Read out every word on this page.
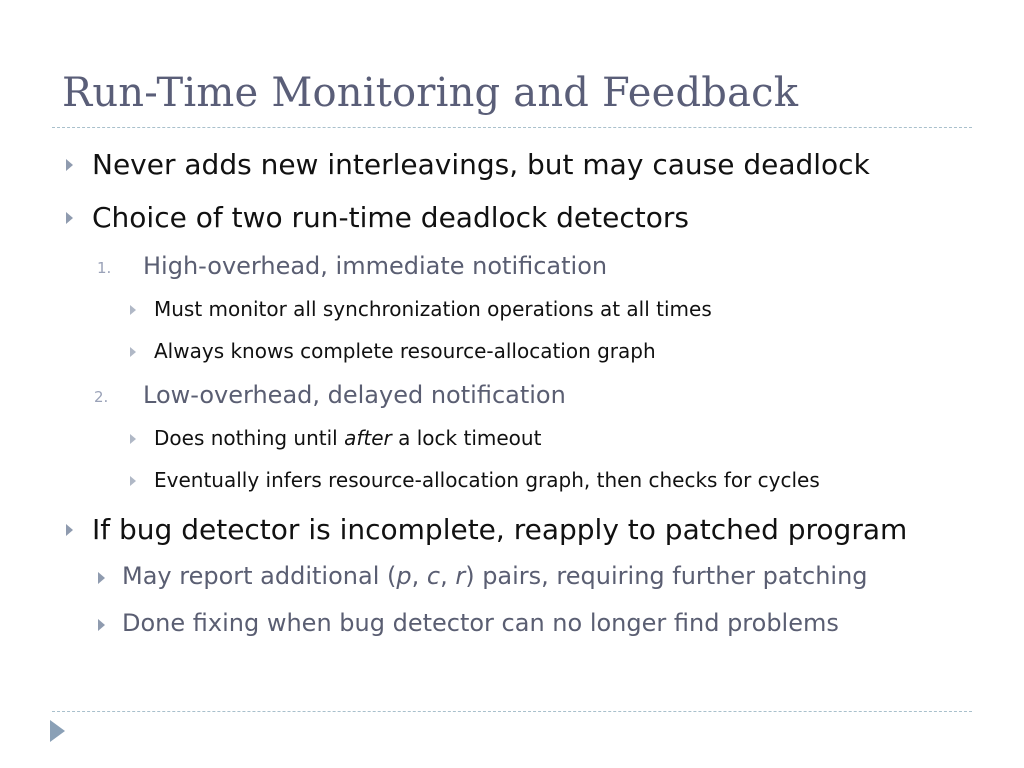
Run-Time Monitoring and Feedback
Never adds new interleavings, but may cause deadlock
Choice of two run-time deadlock detectors
1. High-overhead, immediate notification
Must monitor all synchronization operations at all times
Always knows complete resource-allocation graph
2. Low-overhead, delayed notification
Does nothing until after a lock timeout
Eventually infers resource-allocation graph, then checks for cycles
If bug detector is incomplete, reapply to patched program
May report additional (p, c, r) pairs, requiring further patching
Done fixing when bug detector can no longer find problems
